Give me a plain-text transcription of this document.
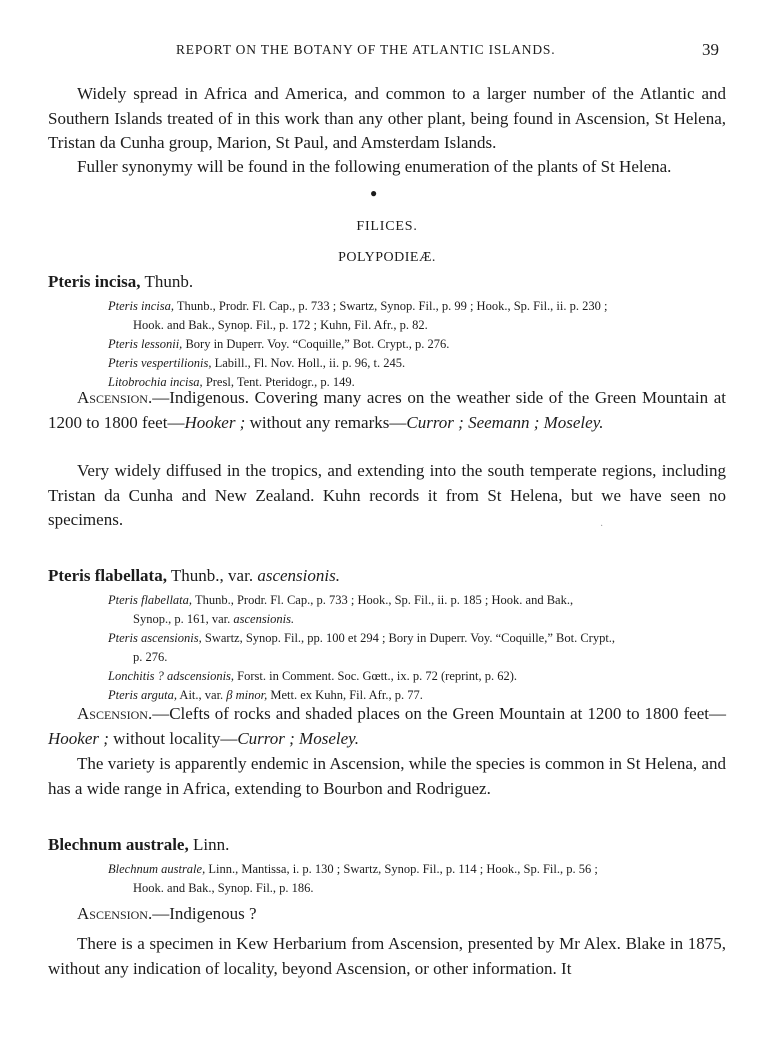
REPORT ON THE BOTANY OF THE ATLANTIC ISLANDS.	39

Widely spread in Africa and America, and common to a larger number of the Atlantic and Southern Islands treated of in this work than any other plant, being found in Ascension, St Helena, Tristan da Cunha group, Marion, St Paul, and Amsterdam Islands.

Fuller synonymy will be found in the following enumeration of the plants of St Helena.

●
FILICES.
POLYPODIEÆ.
Pteris incisa, Thunb.
Pteris incisa, Thunb., Prodr. Fl. Cap., p. 733 ; Swartz, Synop. Fil., p. 99 ; Hook., Sp. Fil., ii. p. 230 ;
Hook. and Bak., Synop. Fil., p. 172 ; Kuhn, Fil. Afr., p. 82.
Pteris lessonii, Bory in Duperr. Voy. “Coquille,” Bot. Crypt., p. 276.
Pteris vespertilionis, Labill., Fl. Nov. Holl., ii. p. 96, t. 245.
Litobrochia incisa, Presl, Tent. Pteridogr., p. 149.

Ascension.—Indigenous. Covering many acres on the weather side of the Green Mountain at 1200 to 1800 feet—Hooker ; without any remarks—Curror ; Seemann ; Moseley.

Very widely diffused in the tropics, and extending into the south temperate regions, including Tristan da Cunha and New Zealand. Kuhn records it from St Helena, but we have seen no specimens.	·
Pteris flabellata, Thunb., var. ascensionis.
Pteris flabellata, Thunb., Prodr. Fl. Cap., p. 733 ; Hook., Sp. Fil., ii. p. 185 ; Hook. and Bak.,
Synop., p. 161, var. ascensionis.
Pteris ascensionis, Swartz, Synop. Fil., pp. 100 et 294 ; Bory in Duperr. Voy. “Coquille,” Bot. Crypt.,
p. 276.
Lonchitis ? adscensionis, Forst. in Comment. Soc. Gœtt., ix. p. 72 (reprint, p. 62).
Pteris arguta, Ait., var. β minor, Mett. ex Kuhn, Fil. Afr., p. 77.

Ascension.—Clefts of rocks and shaded places on the Green Mountain at 1200 to 1800 feet—Hooker ; without locality—Curror ; Moseley.

The variety is apparently endemic in Ascension, while the species is common in St Helena, and has a wide range in Africa, extending to Bourbon and Rodriguez.

Blechnum australe, Linn.
Blechnum australe, Linn., Mantissa, i. p. 130 ; Swartz, Synop. Fil., p. 114 ; Hook., Sp. Fil., p. 56 ;
Hook. and Bak., Synop. Fil., p. 186.

Ascension.—Indigenous ?

There is a specimen in Kew Herbarium from Ascension, presented by Mr Alex. Blake in 1875, without any indication of locality, beyond Ascension, or other information. It
